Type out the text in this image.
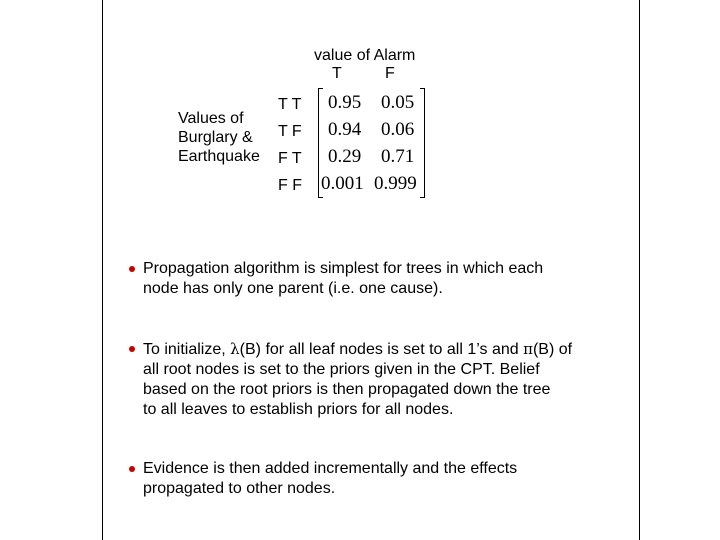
value of Alarm
T	F
Values of
Burglary &
Earthquake
T T
T F
F T
F F
0.95 0.05
0.94 0.06
0.29 0.71
0.001 0.999
Propagation algorithm is simplest for trees in which each
node has only one parent (i.e. one cause).
To initialize, λ(B) for all leaf nodes is set to all 1’s and π(B) of
all root nodes is set to the priors given in the CPT. Belief
based on the root priors is then propagated down the tree
to all leaves to establish priors for all nodes.
Evidence is then added incrementally and the effects
propagated to other nodes.
